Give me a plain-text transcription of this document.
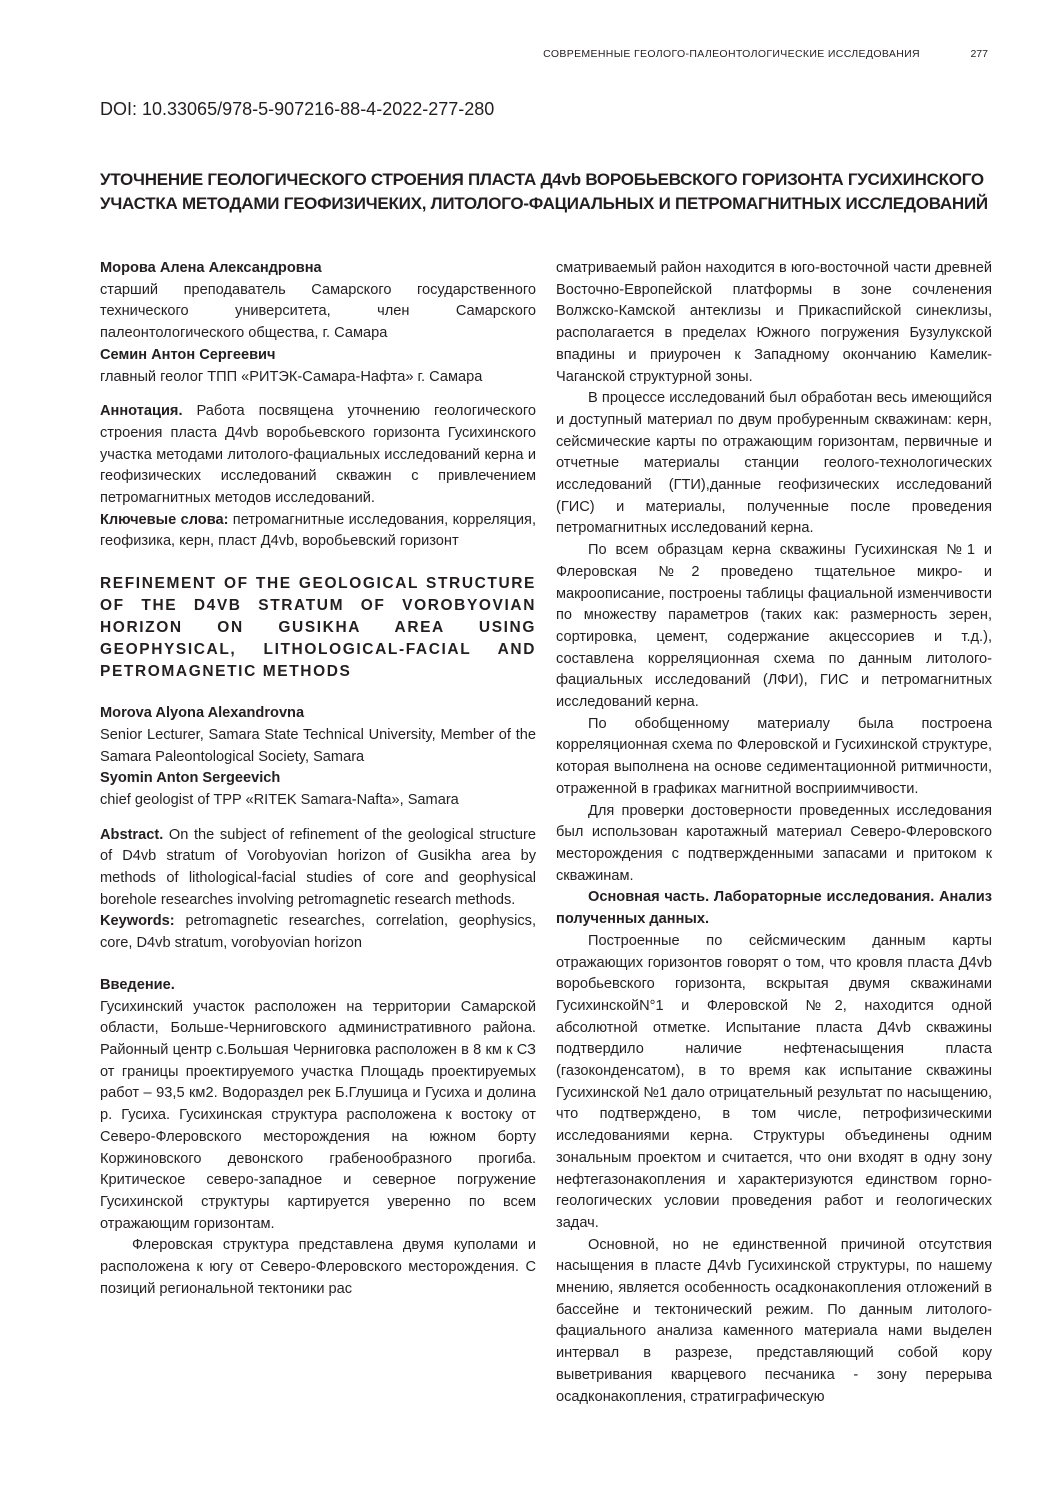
СОВРЕМЕННЫЕ ГЕОЛОГО-ПАЛЕОНТОЛОГИЧЕСКИЕ ИССЛЕДОВАНИЯ	277
DOI: 10.33065/978-5-907216-88-4-2022-277-280
УТОЧНЕНИЕ ГЕОЛОГИЧЕСКОГО СТРОЕНИЯ ПЛАСТА Д4vb ВОРОБЬЕВСКОГО ГОРИЗОНТА ГУСИХИНСКОГО УЧАСТКА МЕТОДАМИ ГЕОФИЗИЧЕКИХ, ЛИТОЛОГО-ФАЦИАЛЬНЫХ И ПЕТРОМАГНИТНЫХ ИССЛЕДОВАНИЙ

Морова Алена Александровна

старший преподаватель Самарского государственного технического университета, член Самарского палеонтологического общества, г. Самара

Семин Антон Сергеевич

главный геолог ТПП «РИТЭК-Самара-Нафта» г. Самара

Аннотация. Работа посвящена уточнению геологического строения пласта Д4vb воробьевского горизонта Гусихинского участка методами литолого-фациальных исследований керна и геофизических исследований скважин с привлечением петромагнитных методов исследований.

Ключевые слова: петромагнитные исследования, корреляция, геофизика, керн, пласт Д4vb, воробьевский горизонт

REFINEMENT OF THE GEOLOGICAL STRUCTURE OF THE D4VB STRATUM OF VOROBYOVIAN HORIZON ON GUSIKHA AREA USING GEOPHYSICAL, LITHOLOGICAL-FACIAL AND PETROMAGNETIC METHODS

Morova Alyona Alexandrovna

Senior Lecturer, Samara State Technical University, Member of the Samara Paleontological Society, Samara

Syomin Anton Sergeevich

chief geologist of TPP «RITEK Samara-Nafta», Samara

Abstract. On the subject of refinement of the geological structure of D4vb stratum of Vorobyovian horizon of Gusikha area by methods of lithological-facial studies of core and geophysical borehole researches involving petromagnetic research methods.

Keywords: petromagnetic researches, correlation, geophysics, core, D4vb stratum, vorobyovian horizon

Введение.

Гусихинский участок расположен на территории Самарской области, Больше-Черниговского административного района. Районный центр с.Большая Черниговка расположен в 8 км к СЗ от границы проектируемого участка Площадь проектируемых работ – 93,5 км2. Водораздел рек Б.Глушица и Гусиха и долина р. Гусиха. Гусихинская структура расположена к востоку от Северо-Флеровского месторождения на южном борту Коржиновского девонского грабенообразного прогиба. Критическое северо-западное и северное погружение Гусихинской структуры картируется уверенно по всем отражающим горизонтам.

Флеровская структура представлена двумя куполами и расположена к югу от Северо-Флеровского месторождения. С позиций региональной тектоники рас

сматриваемый район находится в юго-восточной части древней Восточно-Европейской платформы в зоне сочленения Волжско-Камской антеклизы и Прикаспийской синеклизы, располагается в пределах Южного погружения Бузулукской впадины и приурочен к Западному окончанию Камелик-Чаганской структурной зоны.

В процессе исследований был обработан весь имеющийся и доступный материал по двум пробуренным скважинам: керн, сейсмические карты по отражающим горизонтам, первичные и отчетные материалы станции геолого-технологических исследований (ГТИ),данные геофизических исследований (ГИС) и материалы, полученные после проведения петромагнитных исследований керна.

По всем образцам керна скважины Гусихинская №1 и Флеровская №2 проведено тщательное микро- и макроописание, построены таблицы фациальной изменчивости по множеству параметров (таких как: размерность зерен, сортировка, цемент, содержание акцессориев и т.д.), составлена корреляционная схема по данным литолого-фациальных исследований (ЛФИ), ГИС и петромагнитных исследований керна.

По обобщенному материалу была построена корреляционная схема по Флеровской и Гусихинской структуре, которая выполнена на основе седиментационной ритмичности, отраженной в графиках магнитной восприимчивости.

Для проверки достоверности проведенных исследования был использован каротажный материал Северо-Флеровского месторождения с подтвержденными запасами и притоком к скважинам.

Основная часть. Лабораторные исследования. Анализ полученных данных.

Построенные по сейсмическим данным карты отражающих горизонтов говорят о том, что кровля пласта Д4vb воробьевского горизонта, вскрытая двумя скважинами ГусихинскойN°1 и Флеровской №2, находится одной абсолютной отметке. Испытание пласта Д4vb скважины подтвердило наличие нефтенасыщения пласта (газоконденсатом), в то время как испытание скважины Гусихинской №1 дало отрицательный результат по насыщению, что подтверждено, в том числе, петрофизическими исследованиями керна. Структуры объединены одним зональным проектом и считается, что они входят в одну зону нефтегазонакопления и характеризуются единством горно-геологических условии проведения работ и геологических задач.

Основной, но не единственной причиной отсутствия насыщения в пласте Д4vb Гусихинской структуры, по нашему мнению, является особенность осадконакопления отложений в бассейне и тектонический режим. По данным литолого-фациального анализа каменного материала нами выделен интервал в разрезе, представляющий собой кору выветривания кварцевого песчаника - зону перерыва осадконакопления, стратиграфическую
